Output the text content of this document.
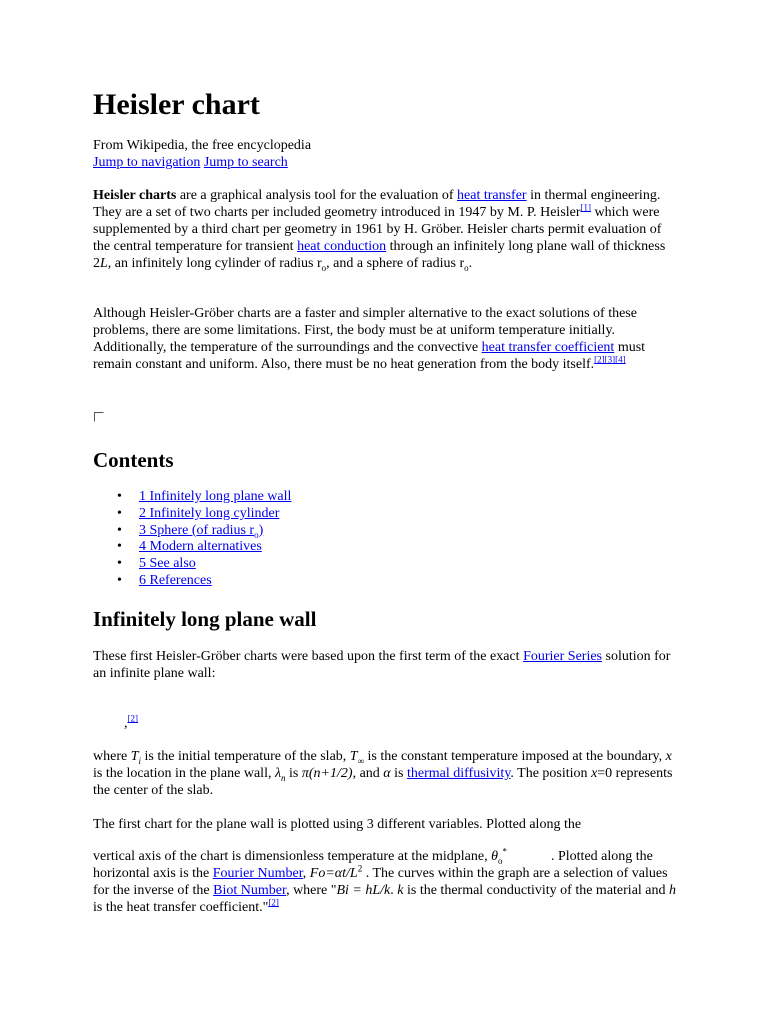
Heisler chart
From Wikipedia, the free encyclopedia
Jump to navigation Jump to search

Heisler charts are a graphical analysis tool for the evaluation of heat transfer in thermal engineering. They are a set of two charts per included geometry introduced in 1947 by M. P. Heisler[1] which were supplemented by a third chart per geometry in 1961 by H. Gröber. Heisler charts permit evaluation of the central temperature for transient heat conduction through an infinitely long plane wall of thickness 2L, an infinitely long cylinder of radius $r_o$, and a sphere of radius $r_o$.

Although Heisler-Gröber charts are a faster and simpler alternative to the exact solutions of these problems, there are some limitations. First, the body must be at uniform temperature initially. Additionally, the temperature of the surroundings and the convective heat transfer coefficient must remain constant and uniform. Also, there must be no heat generation from the body itself.[2][3][4]

Contents
• 1 Infinitely long plane wall
• 2 Infinitely long cylinder
• 3 Sphere (of radius $r_o$)
• 4 Modern alternatives
• 5 See also
• 6 References
Infinitely long plane wall

These first Heisler-Gröber charts were based upon the first term of the exact Fourier Series solution for an infinite plane wall:

,[2]

where $T_i$ is the initial temperature of the slab, $T_\infty$ is the constant temperature imposed at the boundary, x is the location in the plane wall, $\lambda_n$ is π(n+1/2), and α is thermal diffusivity. The position x=0 represents the center of the slab.

The first chart for the plane wall is plotted using 3 different variables. Plotted along the

vertical axis of the chart is dimensionless temperature at the midplane, $\theta_o^*$	. Plotted along the horizontal axis is the Fourier Number, $Fo=\alpha t/L^2$ . The curves within the graph are a selection of values for the inverse of the Biot Number, where "Bi = hL/k. k is the thermal conductivity of the material and h is the heat transfer coefficient."[2]
